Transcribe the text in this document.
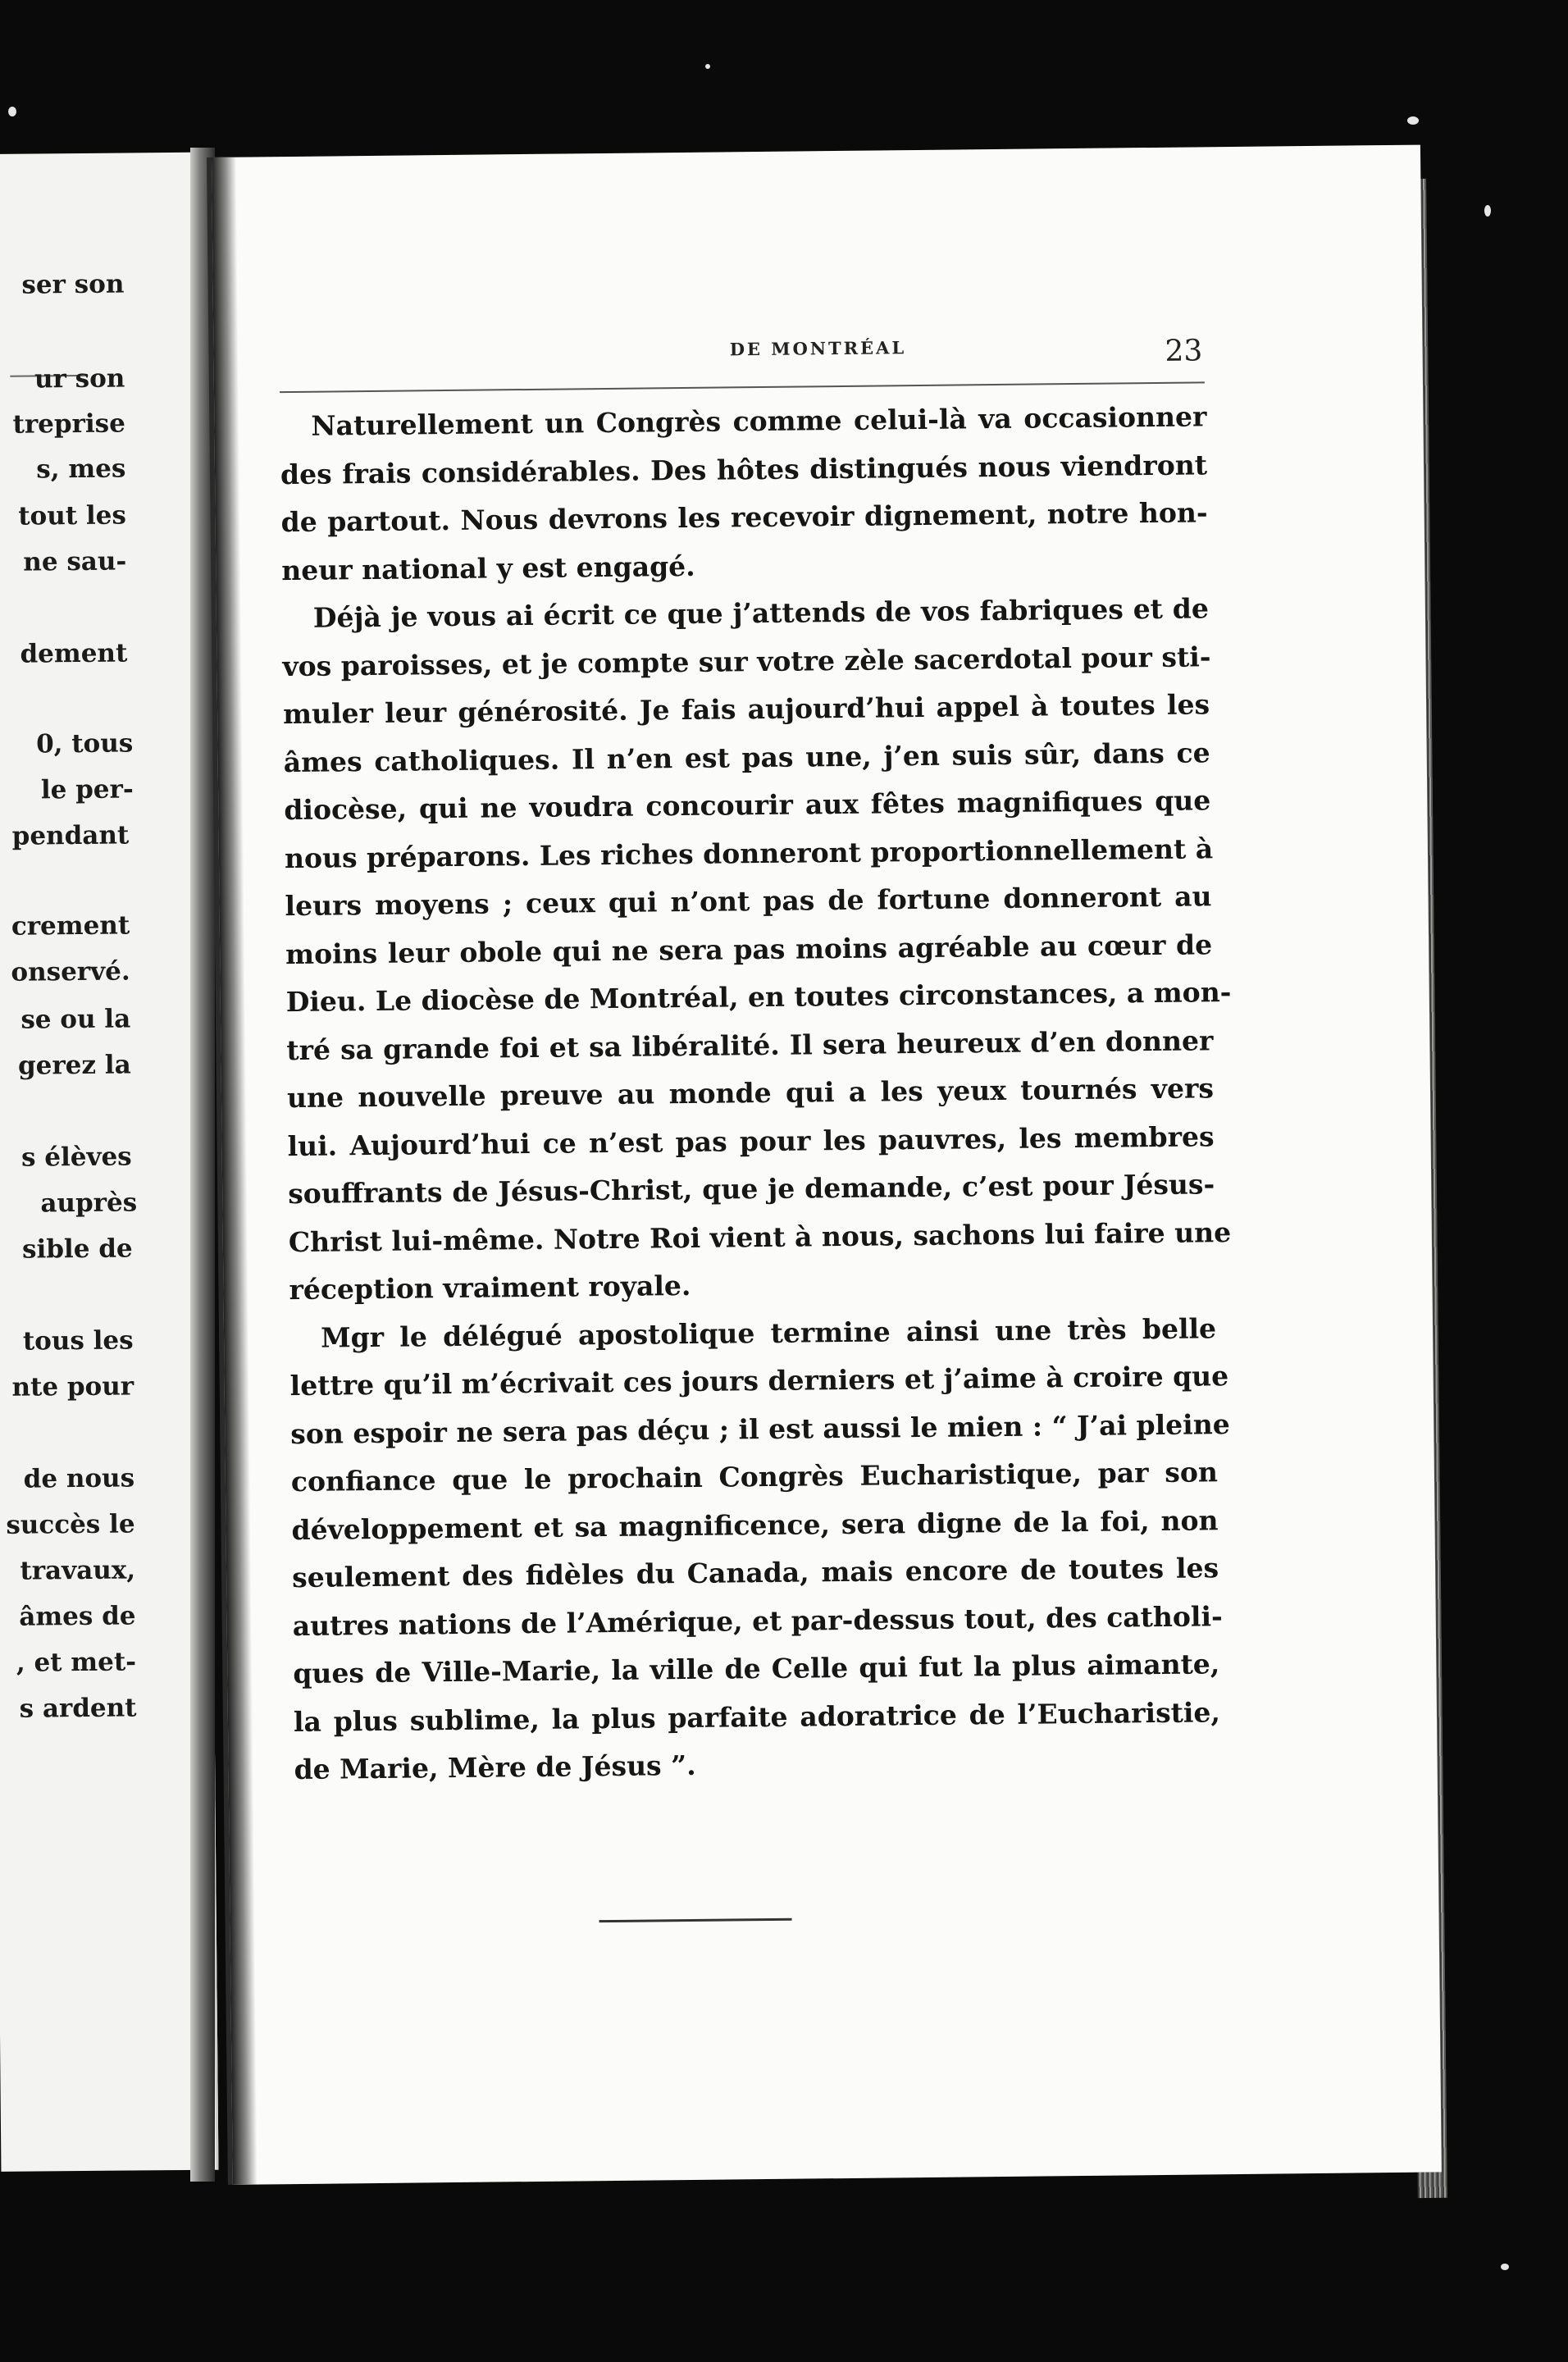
ser son
ur son
treprise
s, mes
tout les
ne sau-
dement
0, tous
le per-
pendant
crement
onservé.
se ou la
gerez la
s élèves
auprès
sible de
tous les
nte pour
de nous
succès le
travaux,
âmes de
, et met-
s ardent
DE MONTRÉAL	23
Naturellement un Congrès comme celui-là va occasionner
des frais considérables. Des hôtes distingués nous viendront
de partout. Nous devrons les recevoir dignement, notre hon-
neur national y est engagé.
Déjà je vous ai écrit ce que j’attends de vos fabriques et de
vos paroisses, et je compte sur votre zèle sacerdotal pour sti-
muler leur générosité. Je fais aujourd’hui appel à toutes les
âmes catholiques. Il n’en est pas une, j’en suis sûr, dans ce
diocèse, qui ne voudra concourir aux fêtes magnifiques que
nous préparons. Les riches donneront proportionnellement à
leurs moyens ; ceux qui n’ont pas de fortune donneront au
moins leur obole qui ne sera pas moins agréable au cœur de
Dieu. Le diocèse de Montréal, en toutes circonstances, a mon-
tré sa grande foi et sa libéralité. Il sera heureux d’en donner
une nouvelle preuve au monde qui a les yeux tournés vers
lui. Aujourd’hui ce n’est pas pour les pauvres, les membres
souffrants de Jésus-Christ, que je demande, c’est pour Jésus-
Christ lui-même. Notre Roi vient à nous, sachons lui faire une
réception vraiment royale.
Mgr le délégué apostolique termine ainsi une très belle
lettre qu’il m’écrivait ces jours derniers et j’aime à croire que
son espoir ne sera pas déçu ; il est aussi le mien : “ J’ai pleine
confiance que le prochain Congrès Eucharistique, par son
développement et sa magnificence, sera digne de la foi, non
seulement des fidèles du Canada, mais encore de toutes les
autres nations de l’Amérique, et par-dessus tout, des catholi-
ques de Ville-Marie, la ville de Celle qui fut la plus aimante,
la plus sublime, la plus parfaite adoratrice de l’Eucharistie,
de Marie, Mère de Jésus ”.
